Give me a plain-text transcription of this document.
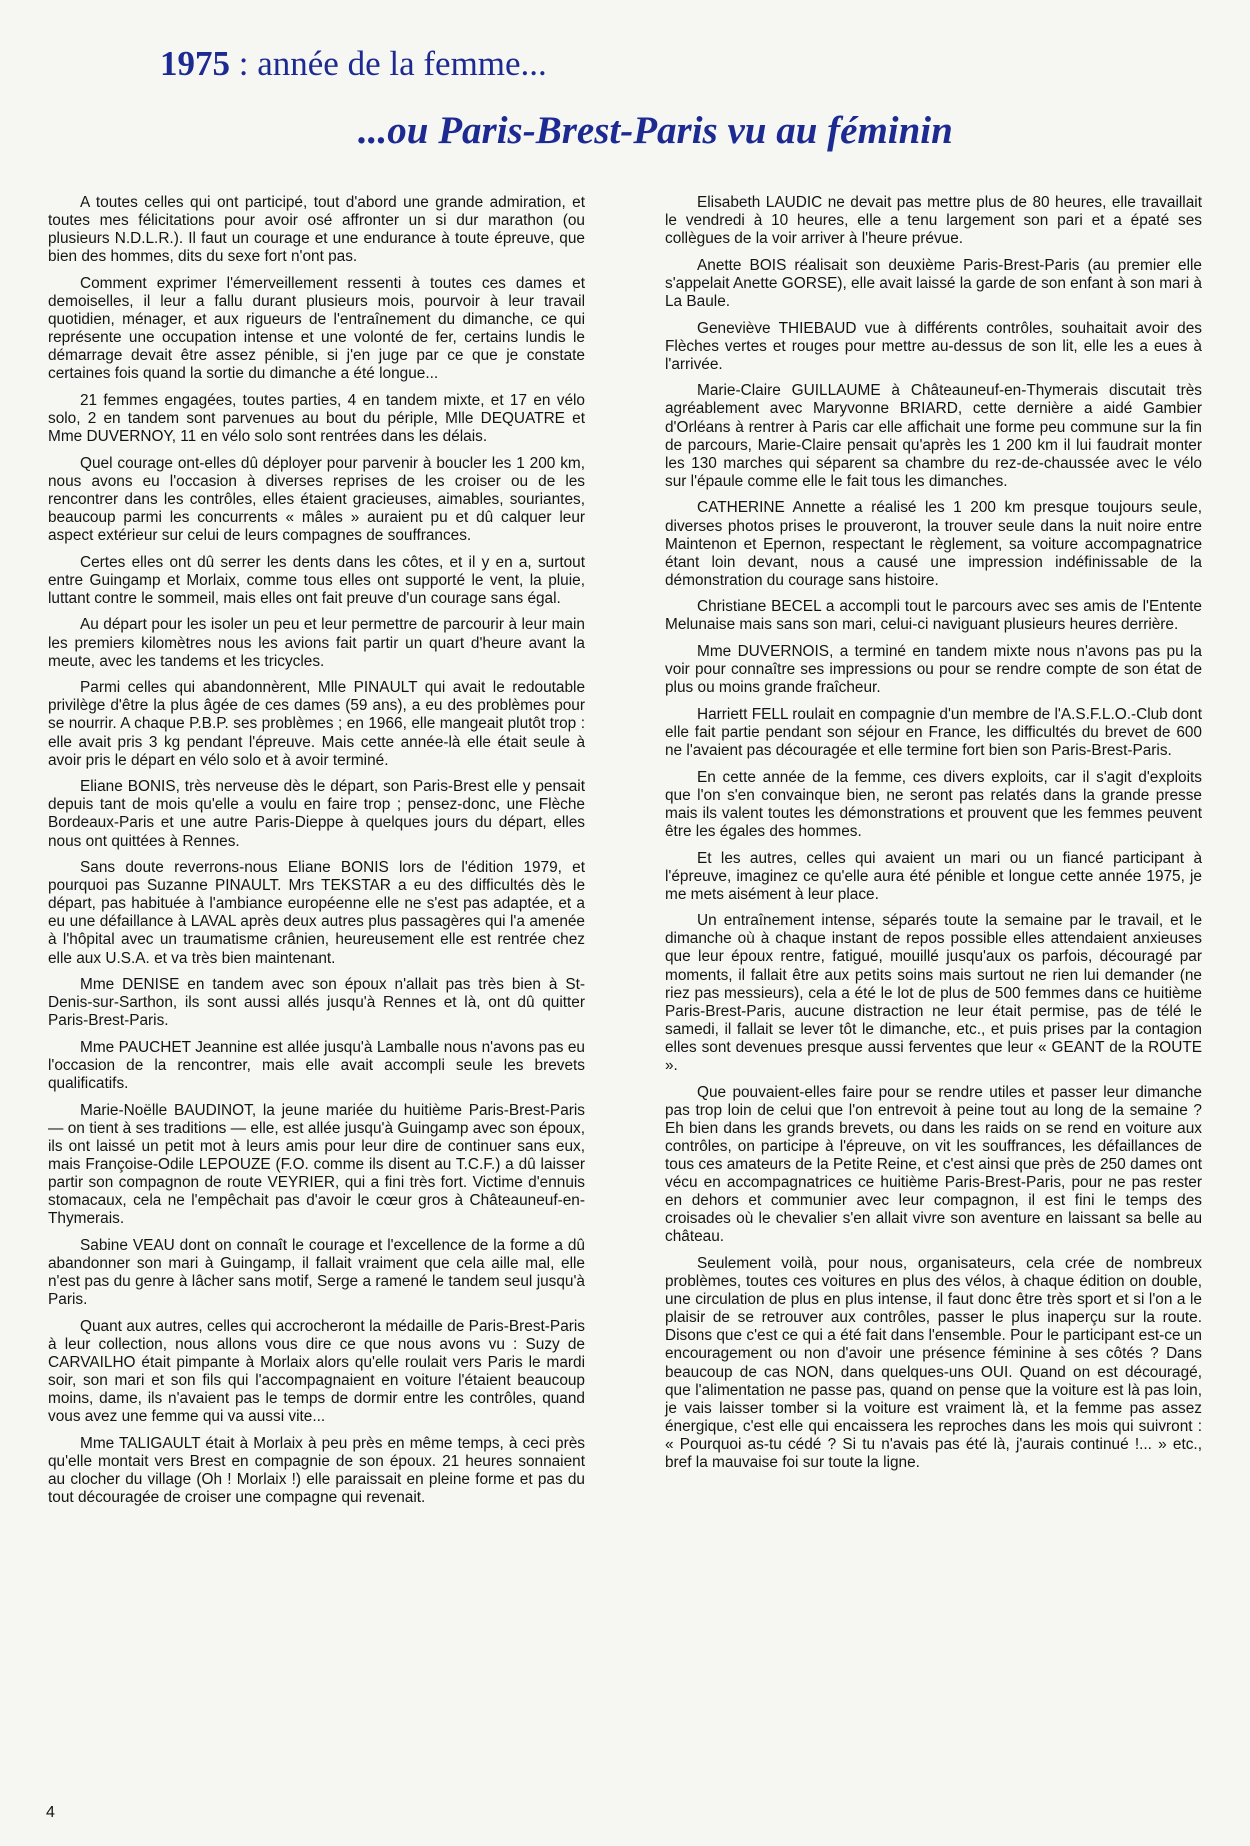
1975 : année de la femme...
...ou Paris-Brest-Paris vu au féminin

A toutes celles qui ont participé, tout d'abord une grande admiration, et toutes mes félicitations pour avoir osé affronter un si dur marathon (ou plusieurs N.D.L.R.). Il faut un courage et une endurance à toute épreuve, que bien des hommes, dits du sexe fort n'ont pas.

Comment exprimer l'émerveillement ressenti à toutes ces dames et demoiselles, il leur a fallu durant plusieurs mois, pourvoir à leur travail quotidien, ménager, et aux rigueurs de l'entraînement du dimanche, ce qui représente une occupation intense et une volonté de fer, certains lundis le démarrage devait être assez pénible, si j'en juge par ce que je constate certaines fois quand la sortie du dimanche a été longue...

21 femmes engagées, toutes parties, 4 en tandem mixte, et 17 en vélo solo, 2 en tandem sont parvenues au bout du périple, Mlle DEQUATRE et Mme DUVERNOY, 11 en vélo solo sont rentrées dans les délais.

Quel courage ont-elles dû déployer pour parvenir à boucler les 1 200 km, nous avons eu l'occasion à diverses reprises de les croiser ou de les rencontrer dans les contrôles, elles étaient gracieuses, aimables, souriantes, beaucoup parmi les concurrents « mâles » auraient pu et dû calquer leur aspect extérieur sur celui de leurs compagnes de souffrances.

Certes elles ont dû serrer les dents dans les côtes, et il y en a, surtout entre Guingamp et Morlaix, comme tous elles ont supporté le vent, la pluie, luttant contre le sommeil, mais elles ont fait preuve d'un courage sans égal.

Au départ pour les isoler un peu et leur permettre de parcourir à leur main les premiers kilomètres nous les avions fait partir un quart d'heure avant la meute, avec les tandems et les tricycles.

Parmi celles qui abandonnèrent, Mlle PINAULT qui avait le redoutable privilège d'être la plus âgée de ces dames (59 ans), a eu des problèmes pour se nourrir. A chaque P.B.P. ses problèmes ; en 1966, elle mangeait plutôt trop : elle avait pris 3 kg pendant l'épreuve. Mais cette année-là elle était seule à avoir pris le départ en vélo solo et à avoir terminé.

Eliane BONIS, très nerveuse dès le départ, son Paris-Brest elle y pensait depuis tant de mois qu'elle a voulu en faire trop ; pensez-donc, une Flèche Bordeaux-Paris et une autre Paris-Dieppe à quelques jours du départ, elles nous ont quittées à Rennes.

Sans doute reverrons-nous Eliane BONIS lors de l'édition 1979, et pourquoi pas Suzanne PINAULT. Mrs TEKSTAR a eu des difficultés dès le départ, pas habituée à l'ambiance européenne elle ne s'est pas adaptée, et a eu une défaillance à LAVAL après deux autres plus passagères qui l'a amenée à l'hôpital avec un traumatisme crânien, heureusement elle est rentrée chez elle aux U.S.A. et va très bien maintenant.

Mme DENISE en tandem avec son époux n'allait pas très bien à St-Denis-sur-Sarthon, ils sont aussi allés jusqu'à Rennes et là, ont dû quitter Paris-Brest-Paris.

Mme PAUCHET Jeannine est allée jusqu'à Lamballe nous n'avons pas eu l'occasion de la rencontrer, mais elle avait accompli seule les brevets qualificatifs.

Marie-Noëlle BAUDINOT, la jeune mariée du huitième Paris-Brest-Paris — on tient à ses traditions — elle, est allée jusqu'à Guingamp avec son époux, ils ont laissé un petit mot à leurs amis pour leur dire de continuer sans eux, mais Françoise-Odile LEPOUZE (F.O. comme ils disent au T.C.F.) a dû laisser partir son compagnon de route VEYRIER, qui a fini très fort. Victime d'ennuis stomacaux, cela ne l'empêchait pas d'avoir le cœur gros à Châteauneuf-en-Thymerais.

Sabine VEAU dont on connaît le courage et l'excellence de la forme a dû abandonner son mari à Guingamp, il fallait vraiment que cela aille mal, elle n'est pas du genre à lâcher sans motif, Serge a ramené le tandem seul jusqu'à Paris.

Quant aux autres, celles qui accrocheront la médaille de Paris-Brest-Paris à leur collection, nous allons vous dire ce que nous avons vu : Suzy de CARVAILHO était pimpante à Morlaix alors qu'elle roulait vers Paris le mardi soir, son mari et son fils qui l'accompagnaient en voiture l'étaient beaucoup moins, dame, ils n'avaient pas le temps de dormir entre les contrôles, quand vous avez une femme qui va aussi vite...

Mme TALIGAULT était à Morlaix à peu près en même temps, à ceci près qu'elle montait vers Brest en compagnie de son époux. 21 heures sonnaient au clocher du village (Oh ! Morlaix !) elle paraissait en pleine forme et pas du tout découragée de croiser une compagne qui revenait.

Elisabeth LAUDIC ne devait pas mettre plus de 80 heures, elle travaillait le vendredi à 10 heures, elle a tenu largement son pari et a épaté ses collègues de la voir arriver à l'heure prévue.

Anette BOIS réalisait son deuxième Paris-Brest-Paris (au premier elle s'appelait Anette GORSE), elle avait laissé la garde de son enfant à son mari à La Baule.

Geneviève THIEBAUD vue à différents contrôles, souhaitait avoir des Flèches vertes et rouges pour mettre au-dessus de son lit, elle les a eues à l'arrivée.

Marie-Claire GUILLAUME à Châteauneuf-en-Thymerais discutait très agréablement avec Maryvonne BRIARD, cette dernière a aidé Gambier d'Orléans à rentrer à Paris car elle affichait une forme peu commune sur la fin de parcours, Marie-Claire pensait qu'après les 1 200 km il lui faudrait monter les 130 marches qui séparent sa chambre du rez-de-chaussée avec le vélo sur l'épaule comme elle le fait tous les dimanches.

CATHERINE Annette a réalisé les 1 200 km presque toujours seule, diverses photos prises le prouveront, la trouver seule dans la nuit noire entre Maintenon et Epernon, respectant le règlement, sa voiture accompagnatrice étant loin devant, nous a causé une impression indéfinissable de la démonstration du courage sans histoire.

Christiane BECEL a accompli tout le parcours avec ses amis de l'Entente Melunaise mais sans son mari, celui-ci naviguant plusieurs heures derrière.

Mme DUVERNOIS, a terminé en tandem mixte nous n'avons pas pu la voir pour connaître ses impressions ou pour se rendre compte de son état de plus ou moins grande fraîcheur.

Harriett FELL roulait en compagnie d'un membre de l'A.S.F.L.O.-Club dont elle fait partie pendant son séjour en France, les difficultés du brevet de 600 ne l'avaient pas découragée et elle termine fort bien son Paris-Brest-Paris.

En cette année de la femme, ces divers exploits, car il s'agit d'exploits que l'on s'en convainque bien, ne seront pas relatés dans la grande presse mais ils valent toutes les démonstrations et prouvent que les femmes peuvent être les égales des hommes.

Et les autres, celles qui avaient un mari ou un fiancé participant à l'épreuve, imaginez ce qu'elle aura été pénible et longue cette année 1975, je me mets aisément à leur place.

Un entraînement intense, séparés toute la semaine par le travail, et le dimanche où à chaque instant de repos possible elles attendaient anxieuses que leur époux rentre, fatigué, mouillé jusqu'aux os parfois, découragé par moments, il fallait être aux petits soins mais surtout ne rien lui demander (ne riez pas messieurs), cela a été le lot de plus de 500 femmes dans ce huitième Paris-Brest-Paris, aucune distraction ne leur était permise, pas de télé le samedi, il fallait se lever tôt le dimanche, etc., et puis prises par la contagion elles sont devenues presque aussi ferventes que leur « GEANT de la ROUTE ».

Que pouvaient-elles faire pour se rendre utiles et passer leur dimanche pas trop loin de celui que l'on entrevoit à peine tout au long de la semaine ? Eh bien dans les grands brevets, ou dans les raids on se rend en voiture aux contrôles, on participe à l'épreuve, on vit les souffrances, les défaillances de tous ces amateurs de la Petite Reine, et c'est ainsi que près de 250 dames ont vécu en accompagnatrices ce huitième Paris-Brest-Paris, pour ne pas rester en dehors et communier avec leur compagnon, il est fini le temps des croisades où le chevalier s'en allait vivre son aventure en laissant sa belle au château.

Seulement voilà, pour nous, organisateurs, cela crée de nombreux problèmes, toutes ces voitures en plus des vélos, à chaque édition on double, une circulation de plus en plus intense, il faut donc être très sport et si l'on a le plaisir de se retrouver aux contrôles, passer le plus inaperçu sur la route. Disons que c'est ce qui a été fait dans l'ensemble. Pour le participant est-ce un encouragement ou non d'avoir une présence féminine à ses côtés ? Dans beaucoup de cas NON, dans quelques-uns OUI. Quand on est découragé, que l'alimentation ne passe pas, quand on pense que la voiture est là pas loin, je vais laisser tomber si la voiture est vraiment là, et la femme pas assez énergique, c'est elle qui encaissera les reproches dans les mois qui suivront : « Pourquoi as-tu cédé ? Si tu n'avais pas été là, j'aurais continué !... » etc., bref la mauvaise foi sur toute la ligne.

4
